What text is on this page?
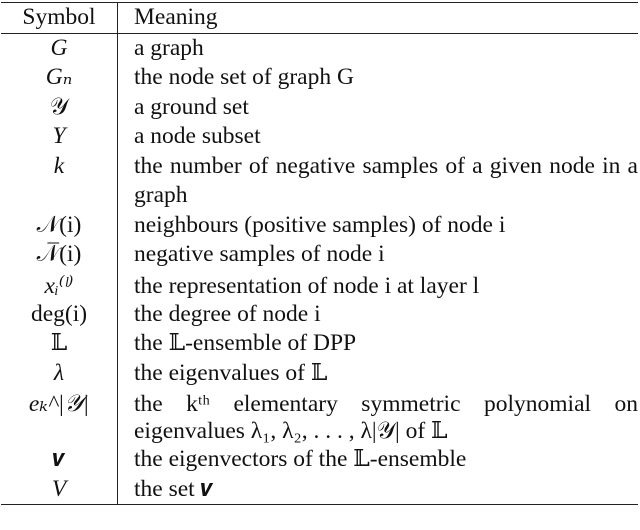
Symbol	Meaning
G	a graph
Gₙ	the node set of graph G
𝒴	a ground set
Y	a node subset
k	the number of negative samples of a given node in a graph
𝒩(i)	neighbours (positive samples) of node i
𝒩̅(i)	negative samples of node i
xᵢ⁽ˡ⁾	the representation of node i at layer l
deg(i)	the degree of node i
𝕃	the 𝕃-ensemble of DPP
λ	the eigenvalues of 𝕃
eₖ^|𝒴|	the kᵗʰ elementary symmetric polynomial on eigenvalues λ₁, λ₂, . . . , λ|𝒴| of 𝕃
𝒗	the eigenvectors of the 𝕃-ensemble
V	the set 𝒗
